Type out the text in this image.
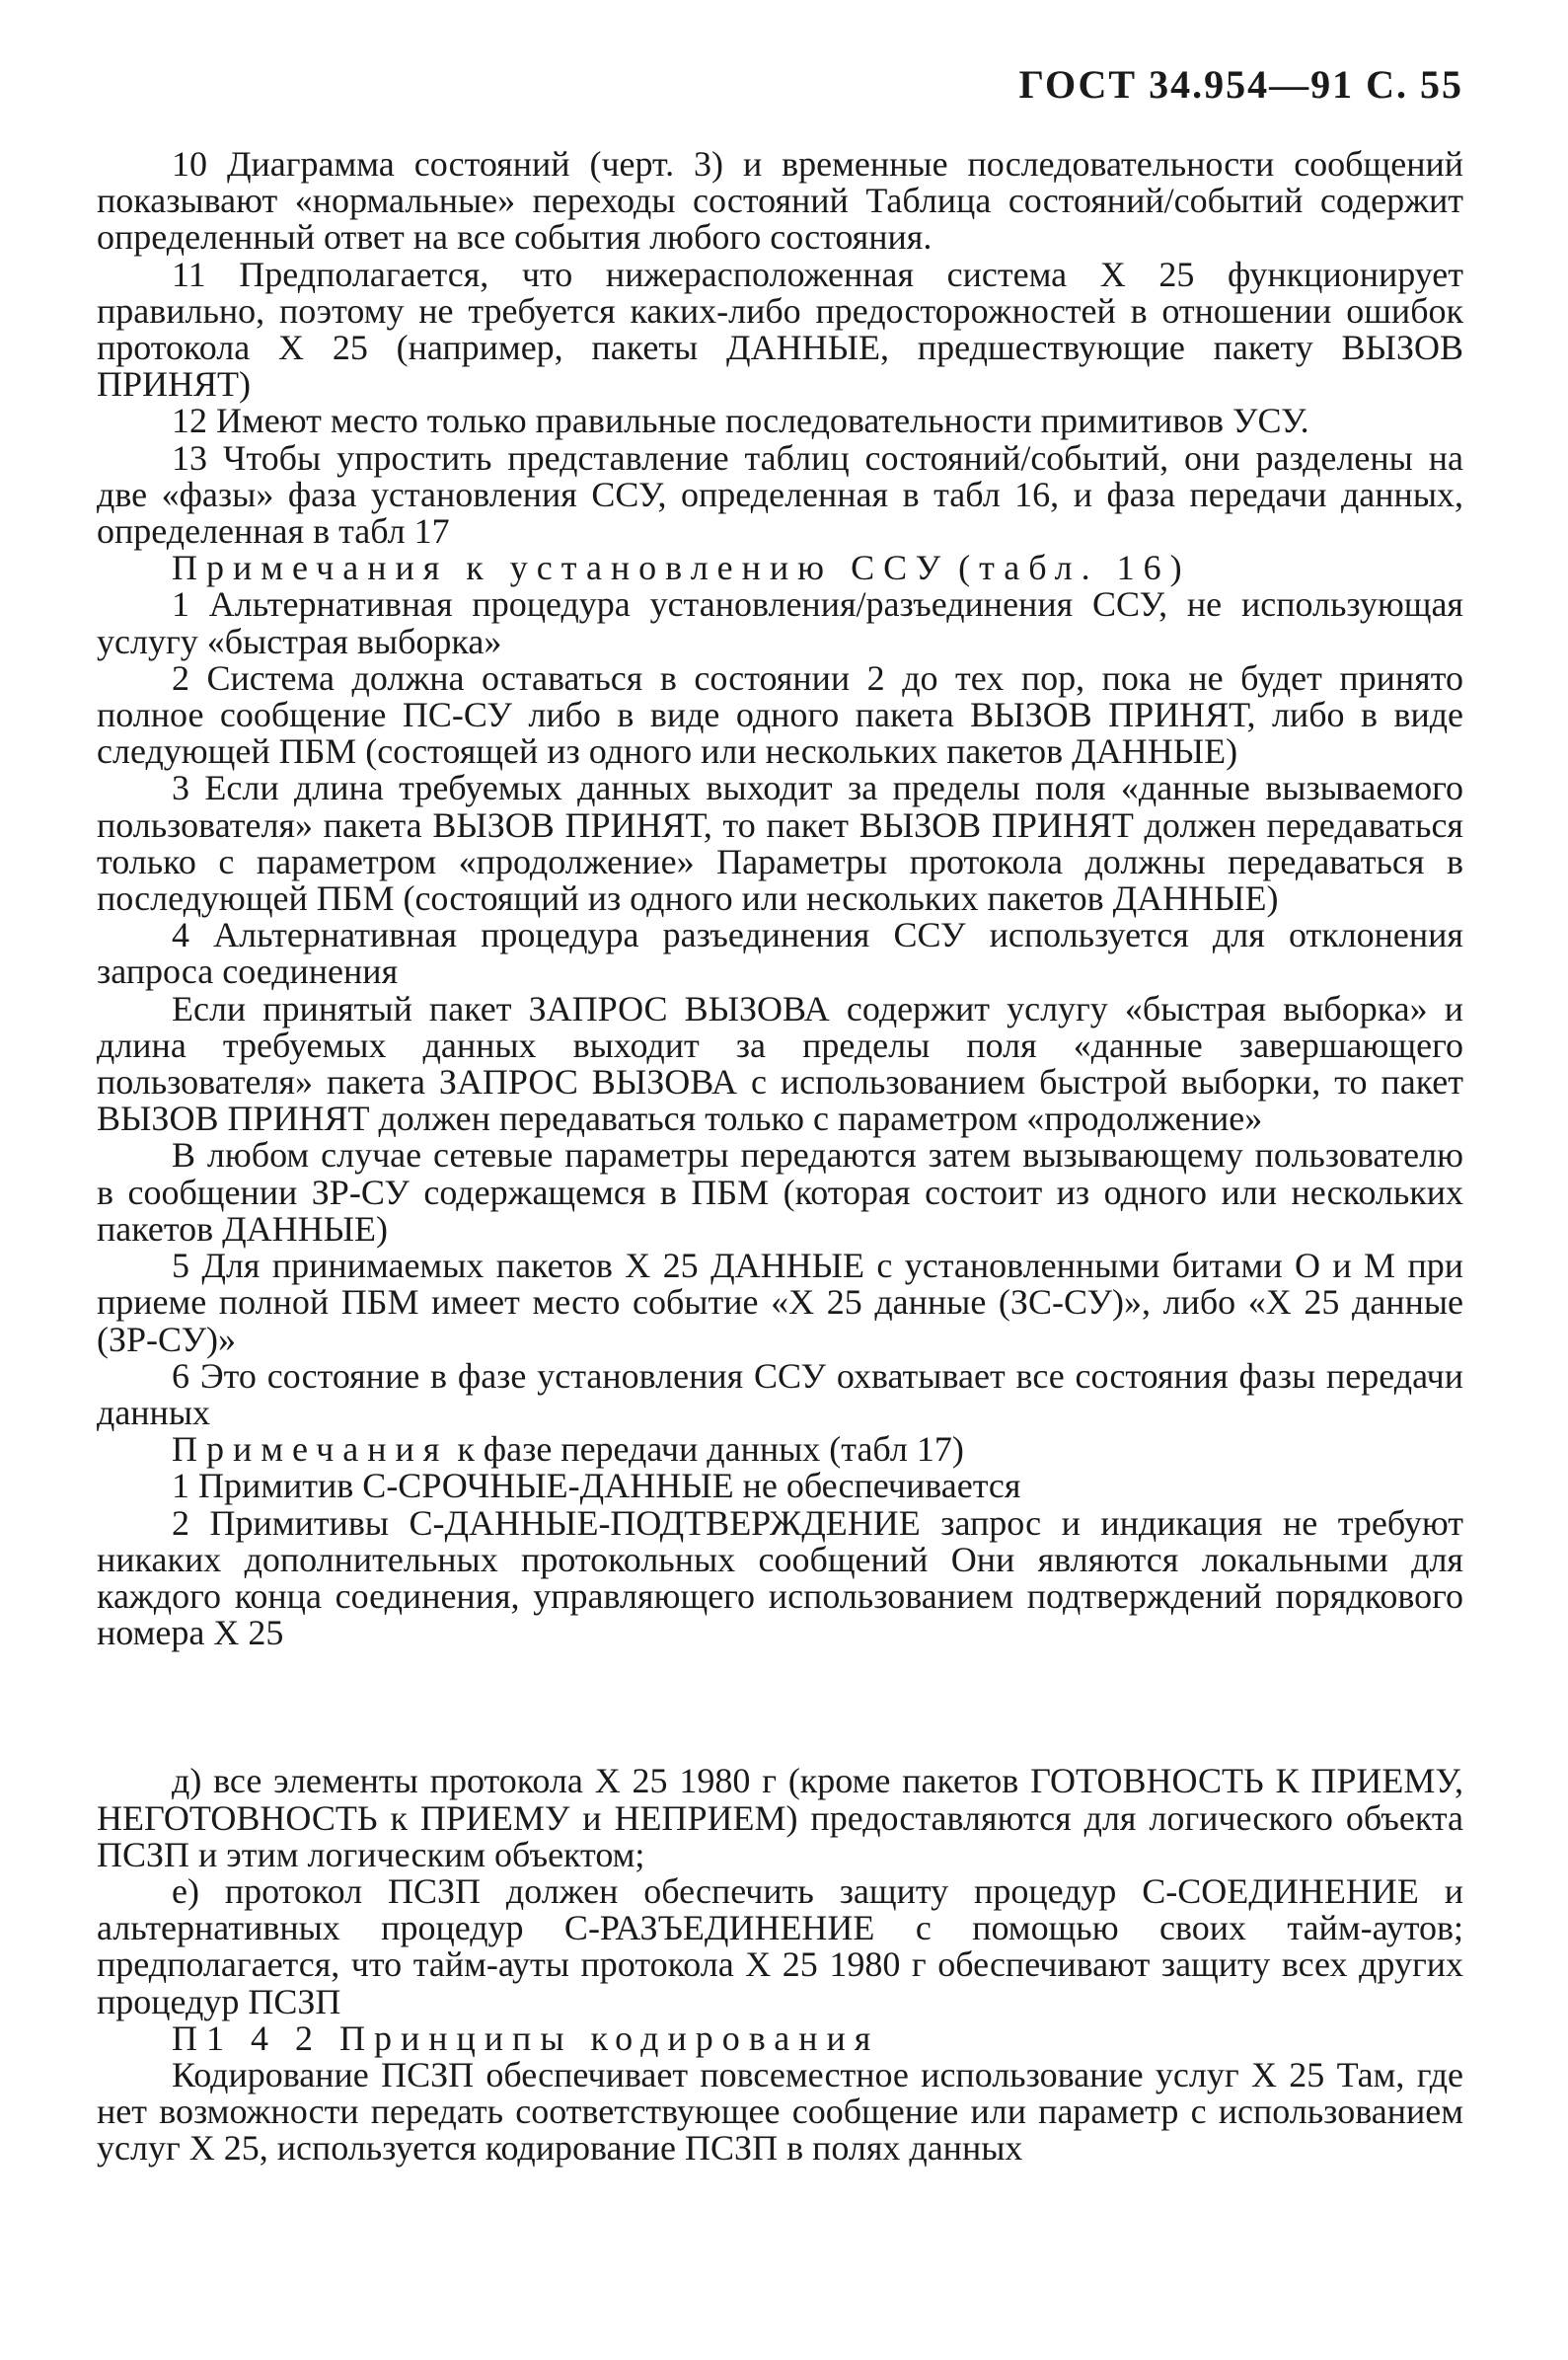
ГОСТ 34.954—91 С. 55

10 Диаграмма состояний (черт. 3) и временные последовательности сообщений показывают «нормальные» переходы состояний Таблица состояний/событий содержит определенный ответ на все события любого состояния.

11 Предполагается, что нижерасположенная система X 25 функционирует правильно, поэтому не требуется каких-либо предосторожностей в отношении ошибок протокола X 25 (например, пакеты ДАННЫЕ, предшествующие пакету ВЫЗОВ ПРИНЯТ)

12 Имеют место только правильные последовательности примитивов УСУ.

13 Чтобы упростить представление таблиц состояний/событий, они разделены на две «фазы» фаза установления ССУ, определенная в табл 16, и фаза передачи данных, определенная в табл 17

Примечания к установлению ССУ (табл. 16)

1 Альтернативная процедура установления/разъединения ССУ, не использующая услугу «быстрая выборка»

2 Система должна оставаться в состоянии 2 до тех пор, пока не будет принято полное сообщение ПС-СУ либо в виде одного пакета ВЫЗОВ ПРИНЯТ, либо в виде следующей ПБМ (состоящей из одного или нескольких пакетов ДАННЫЕ)

3 Если длина требуемых данных выходит за пределы поля «данные вызываемого пользователя» пакета ВЫЗОВ ПРИНЯТ, то пакет ВЫЗОВ ПРИНЯТ должен передаваться только с параметром «продолжение» Параметры протокола должны передаваться в последующей ПБМ (состоящий из одного или нескольких пакетов ДАННЫЕ)

4 Альтернативная процедура разъединения ССУ используется для отклонения запроса соединения

Если принятый пакет ЗАПРОС ВЫЗОВА содержит услугу «быстрая выборка» и длина требуемых данных выходит за пределы поля «данные завершающего пользователя» пакета ЗАПРОС ВЫЗОВА с использованием быстрой выборки, то пакет ВЫЗОВ ПРИНЯТ должен передаваться только с параметром «продолжение»

В любом случае сетевые параметры передаются затем вызывающему пользователю в сообщении ЗР-СУ содержащемся в ПБМ (которая состоит из одного или нескольких пакетов ДАННЫЕ)

5 Для принимаемых пакетов X 25 ДАННЫЕ с установленными битами О и М при приеме полной ПБМ имеет место событие «X 25 данные (ЗС-СУ)», либо «X 25 данные (ЗР-СУ)»

6 Это состояние в фазе установления ССУ охватывает все состояния фазы передачи данных

Примечания к фазе передачи данных (табл 17)

1 Примитив С-СРОЧНЫЕ-ДАННЫЕ не обеспечивается

2 Примитивы С-ДАННЫЕ-ПОДТВЕРЖДЕНИЕ запрос и индикация не требуют никаких дополнительных протокольных сообщений Они являются локальными для каждого конца соединения, управляющего использованием подтверждений порядкового номера X 25

д) все элементы протокола X 25 1980 г (кроме пакетов ГОТОВНОСТЬ К ПРИЕМУ, НЕГОТОВНОСТЬ к ПРИЕМУ и НЕПРИЕМ) предоставляются для логического объекта ПСЗП и этим логическим объектом;

е) протокол ПСЗП должен обеспечить защиту процедур С-СОЕДИНЕНИЕ и альтернативных процедур С-РАЗЪЕДИНЕНИЕ с помощью своих тайм-аутов; предполагается, что тайм-ауты протокола X 25 1980 г обеспечивают защиту всех других процедур ПСЗП

П1 4 2 Принципы кодирования

Кодирование ПСЗП обеспечивает повсеместное использование услуг X 25 Там, где нет возможности передать соответствующее сообщение или параметр с использованием услуг X 25, используется кодирование ПСЗП в полях данных
